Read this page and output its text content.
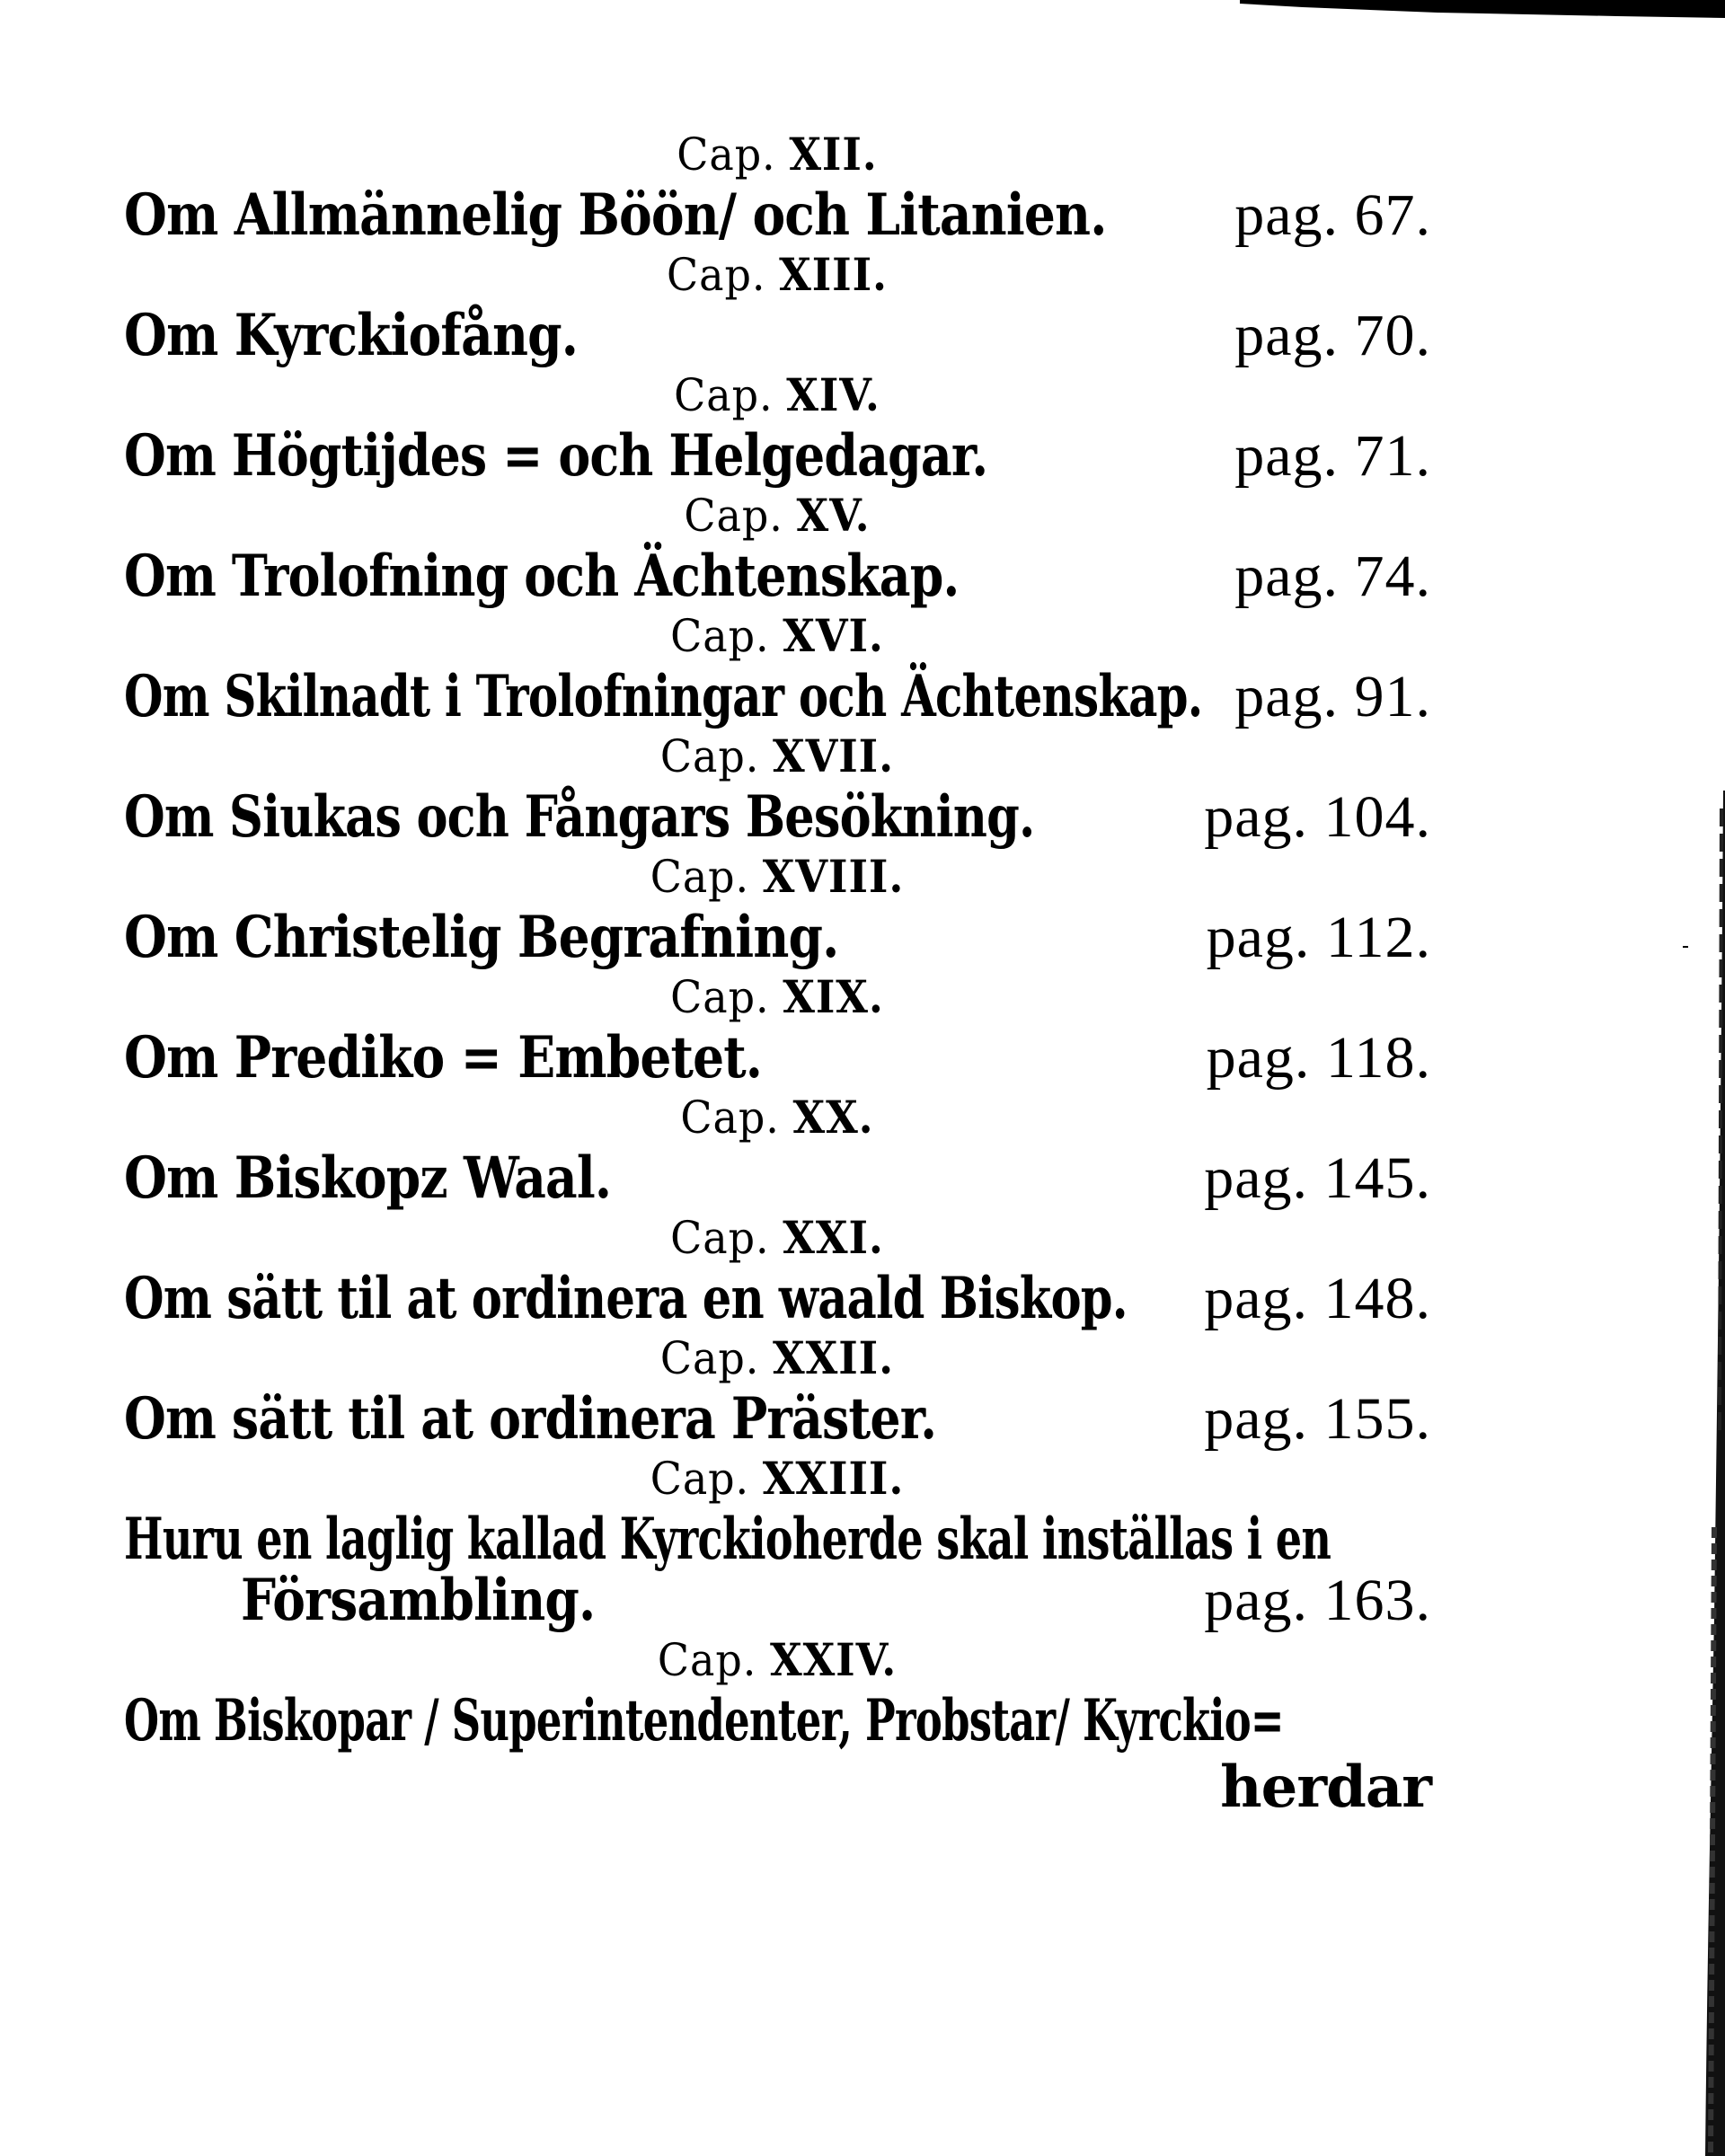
Cap. XII.
Om Allmännelig Böön/ och Litanien. pag. 67.
Cap. XIII.
Om Kyrckiofång.	pag. 70.
Cap. XIV.
Om Högtijdes = och Helgedagar.	pag. 71.
Cap. XV.
Om Trolofning och Ächtenskap.	pag. 74.
Cap. XVI.
Om Skilnadt i Trolofningar och Ächtenskap. pag. 91.
Cap. XVII.
Om Siukas och Fångars Besökning.	pag. 104.
Cap. XVIII.
Om Christelig Begrafning.	pag. 112.
Cap. XIX.
Om Prediko = Embetet.	pag. 118.
Cap. XX.
Om Biskopz Waal.	pag. 145.
Cap. XXI.
Om sätt til at ordinera en waald Biskop. pag. 148.
Cap. XXII.
Om sätt til at ordinera Präster.	pag. 155.
Cap. XXIII.
Huru en laglig kallad Kyrckioherde skal inställas i en
Försambling.	pag. 163.
Cap. XXIV.
Om Biskopar / Superintendenter, Probstar/ Kyrckio=
herdar
